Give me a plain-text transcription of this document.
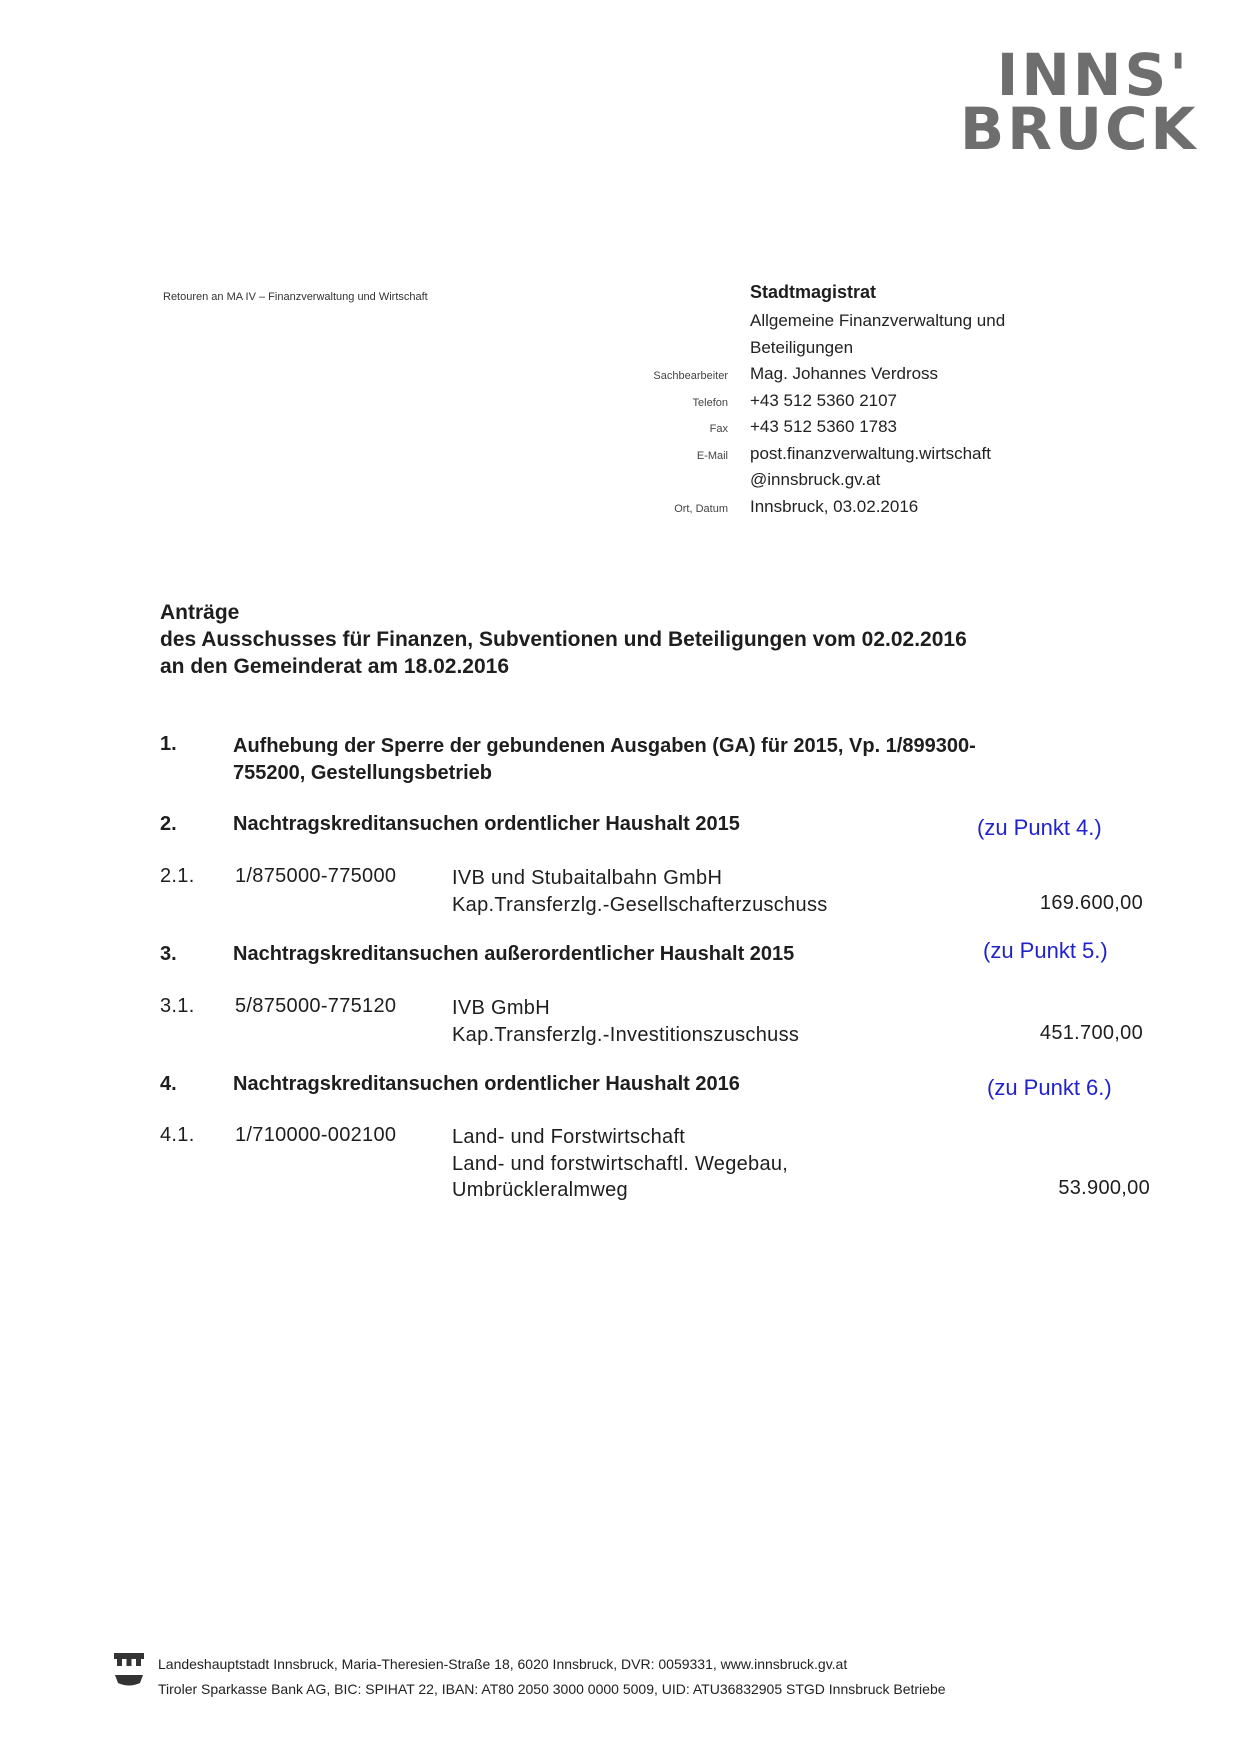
INNS'
BRUCK
Retouren an MA IV – Finanzverwaltung und Wirtschaft	Stadtmagistrat
Allgemeine Finanzverwaltung und
Beteiligungen
Sachbearbeiter	Mag. Johannes Verdross
Telefon	+43 512 5360 2107
Fax	+43 512 5360 1783
E-Mail	post.finanzverwaltung.wirtschaft
@innsbruck.gv.at
Ort, Datum	Innsbruck, 03.02.2016
Anträge
des Ausschusses für Finanzen, Subventionen und Beteiligungen vom 02.02.2016
an den Gemeinderat am 18.02.2016
1.	Aufhebung der Sperre der gebundenen Ausgaben (GA) für 2015, Vp. 1/899300-
755200, Gestellungsbetrieb
2.	Nachtragskreditansuchen ordentlicher Haushalt 2015	(zu Punkt 4.)
2.1. 1/875000-775000	IVB und Stubaitalbahn GmbH
Kap.Transferzlg.-Gesellschafterzuschuss	169.600,00
3.	Nachtragskreditansuchen außerordentlicher Haushalt 2015	(zu Punkt 5.)
3.1. 5/875000-775120	IVB GmbH
Kap.Transferzlg.-Investitionszuschuss	451.700,00
4.	Nachtragskreditansuchen ordentlicher Haushalt 2016	(zu Punkt 6.)
4.1. 1/710000-002100	Land- und Forstwirtschaft
Land- und forstwirtschaftl. Wegebau,
Umbrückleralmweg	53.900,00
Landeshauptstadt Innsbruck, Maria-Theresien-Straße 18, 6020 Innsbruck, DVR: 0059331, www.innsbruck.gv.at
Tiroler Sparkasse Bank AG, BIC: SPIHAT 22, IBAN: AT80 2050 3000 0000 5009, UID: ATU36832905 STGD Innsbruck Betriebe
